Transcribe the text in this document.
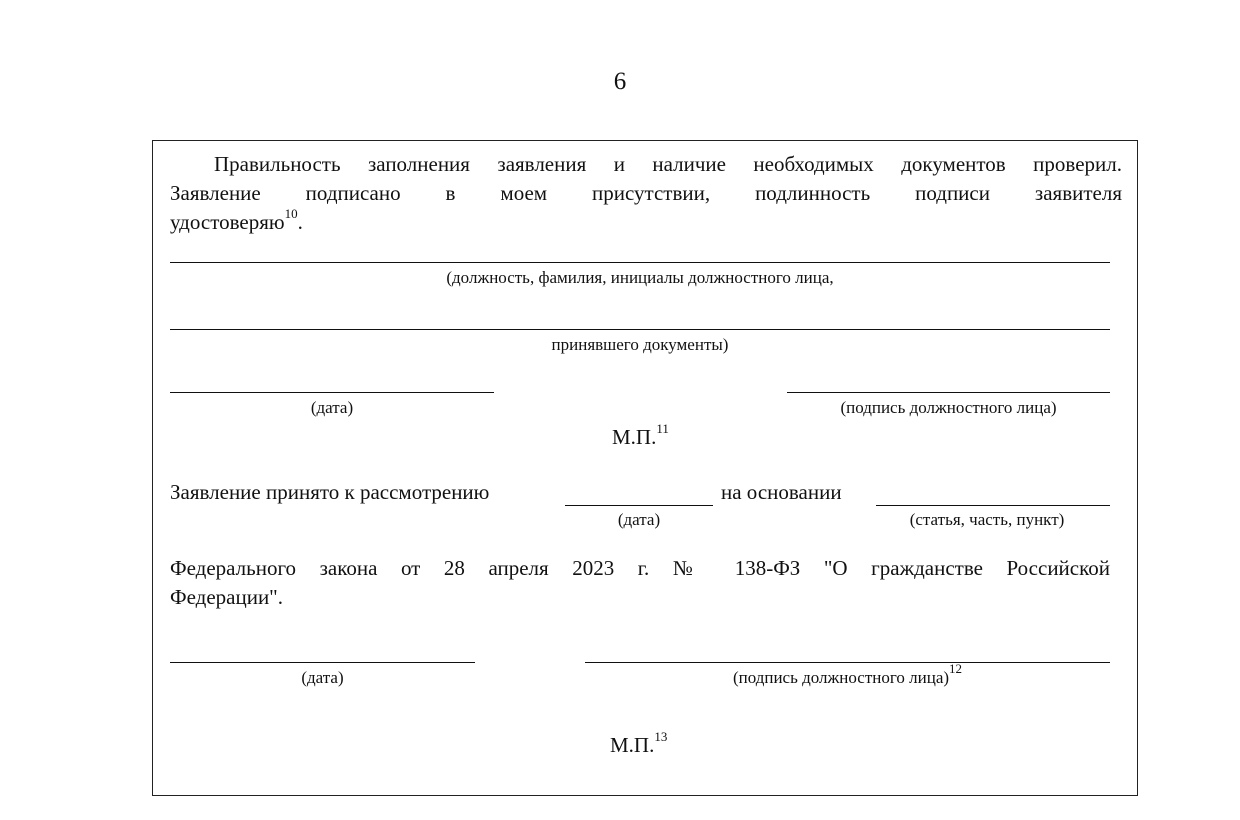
6
Правильность заполнения заявления и наличие необходимых документов проверил.
Заявление подписано в моем присутствии, подлинность подписи заявителя
удостоверяю$^{10}$.
(должность, фамилия, инициалы должностного лица,
принявшего документы)
(дата)	(подпись должностного лица)
М.П.$^{11}$
Заявление принято к рассмотрению
(дата)
на основании
(статья, часть, пункт)
Федерального закона от 28 апреля 2023 г. № 138-ФЗ "О гражданстве Российской
Федерации".
(дата)	(подпись должностного лица)$^{12}$
М.П.$^{13}$
